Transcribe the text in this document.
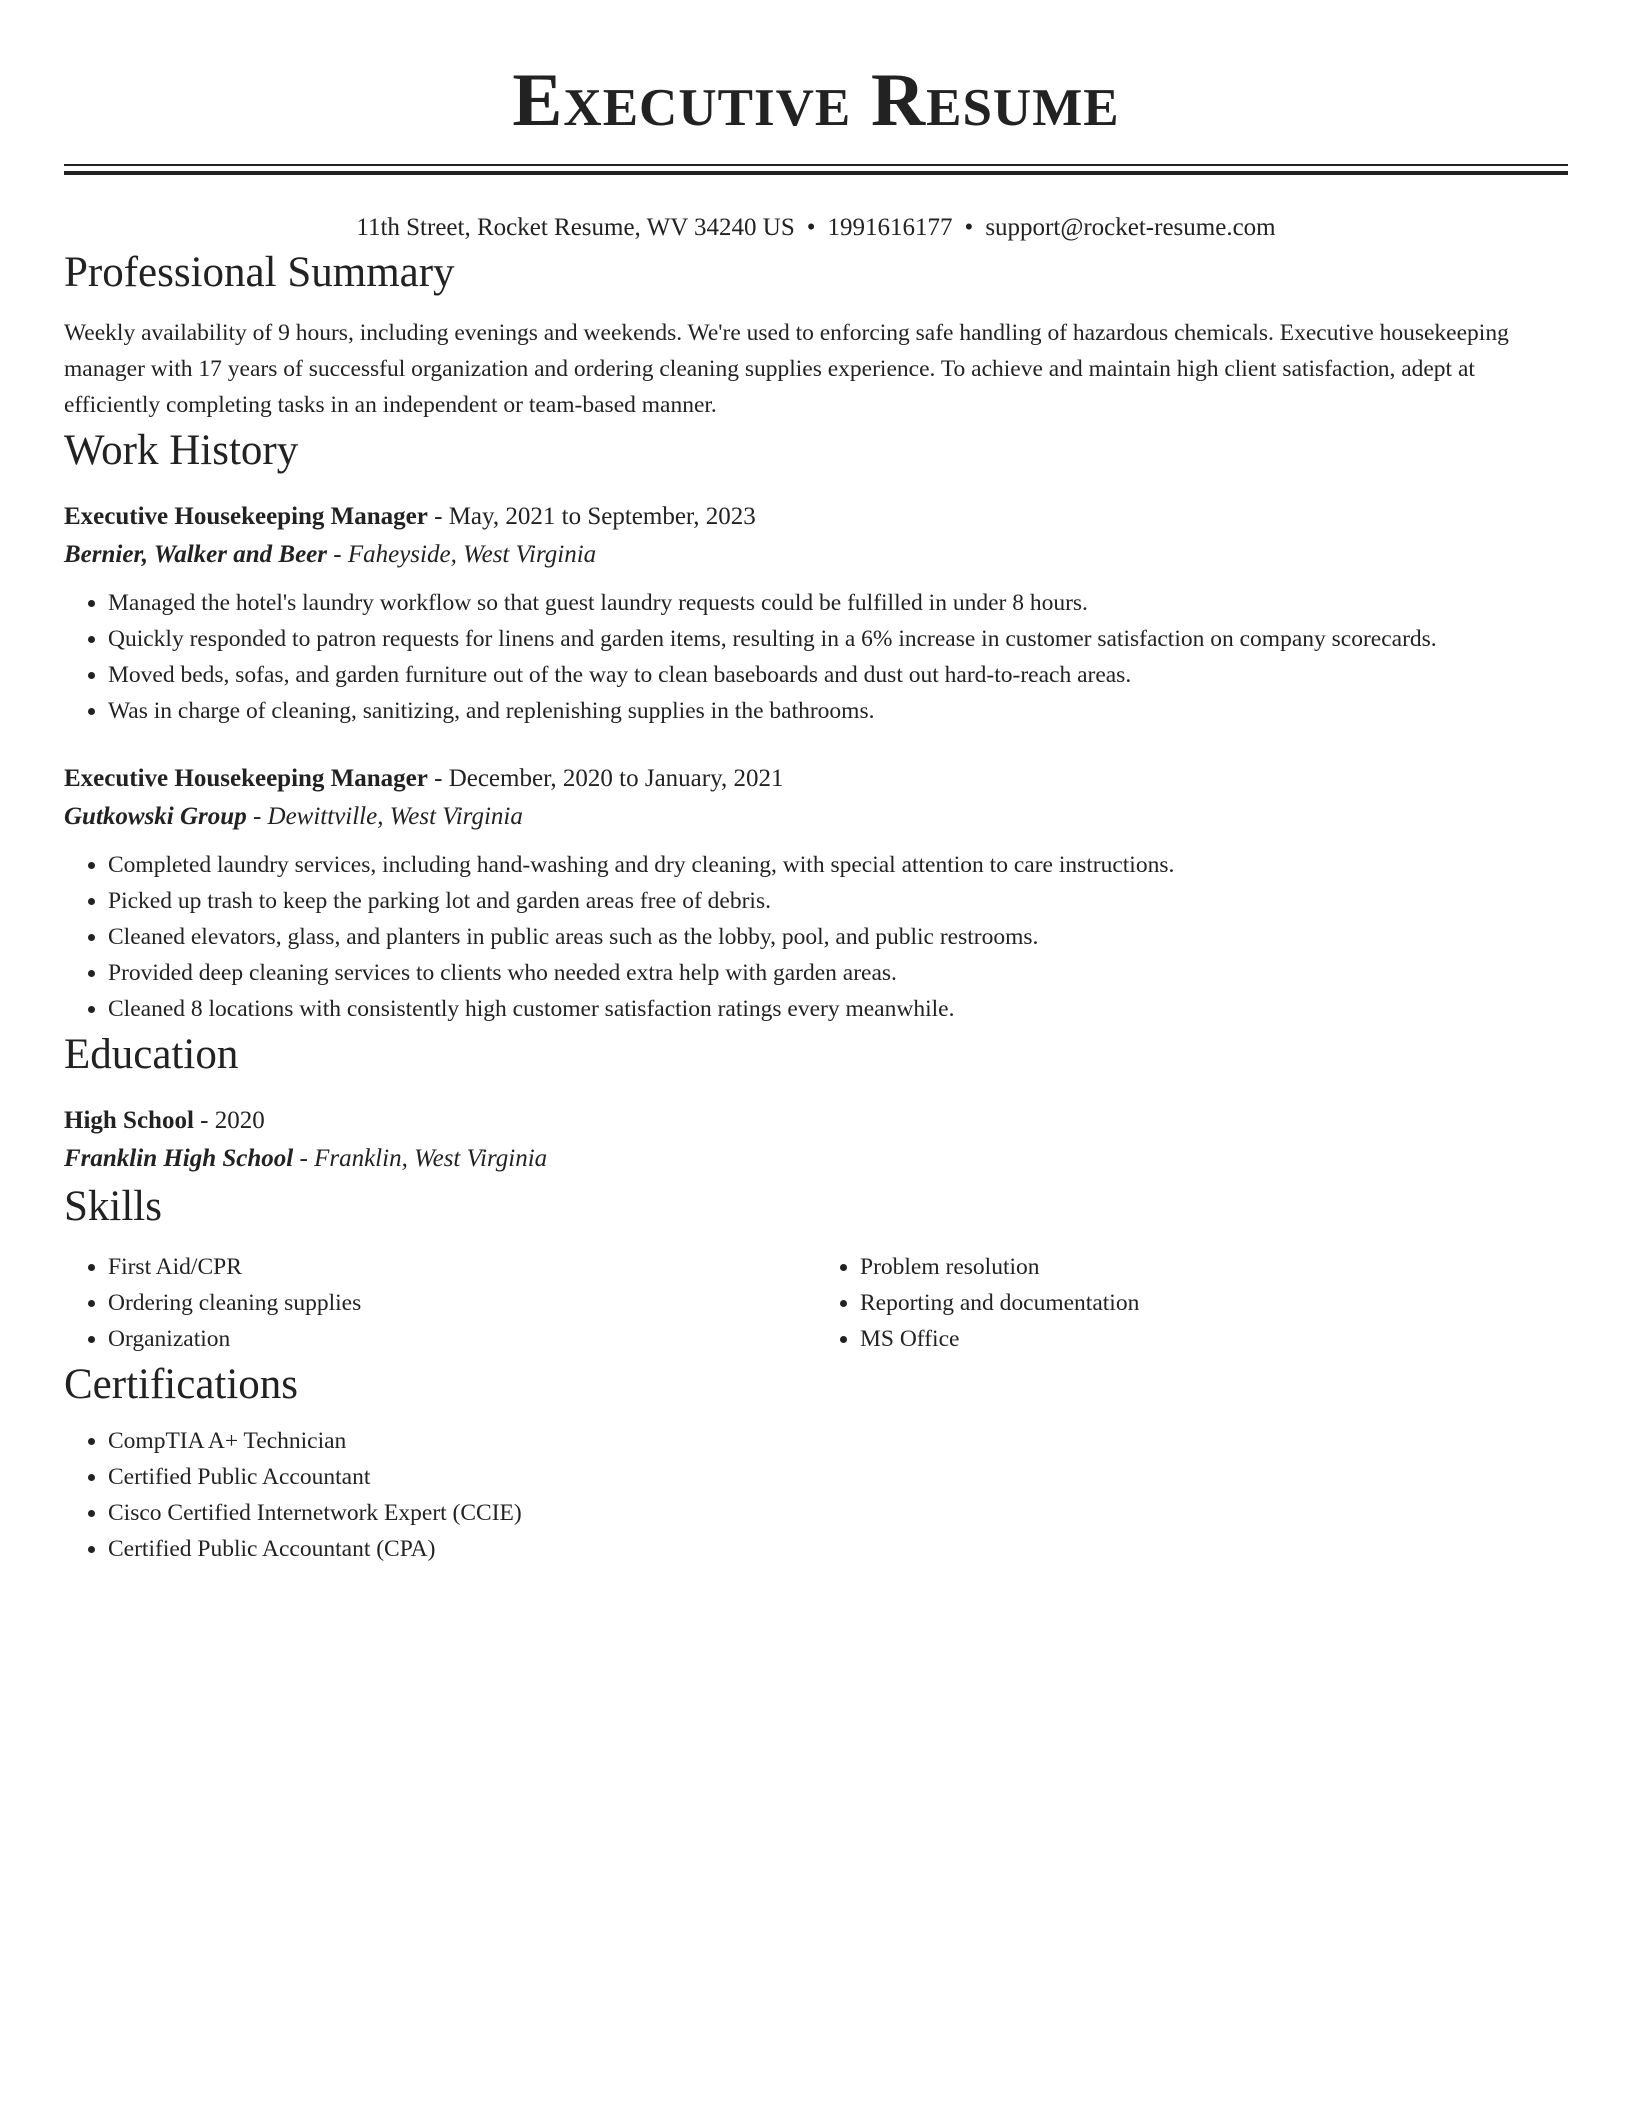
Executive Resume
11th Street, Rocket Resume, WV 34240 US • 1991616177 • support@rocket-resume.com
Professional Summary

Weekly availability of 9 hours, including evenings and weekends. We're used to enforcing safe handling of hazardous chemicals. Executive housekeeping manager with 17 years of successful organization and ordering cleaning supplies experience. To achieve and maintain high client satisfaction, adept at efficiently completing tasks in an independent or team-based manner.

Work History
Executive Housekeeping Manager - May, 2021 to September, 2023
Bernier, Walker and Beer - Faheyside, West Virginia
• Managed the hotel's laundry workflow so that guest laundry requests could be fulfilled in under 8 hours.
• Quickly responded to patron requests for linens and garden items, resulting in a 6% increase in customer satisfaction on company scorecards.
• Moved beds, sofas, and garden furniture out of the way to clean baseboards and dust out hard-to-reach areas.
• Was in charge of cleaning, sanitizing, and replenishing supplies in the bathrooms.
Executive Housekeeping Manager - December, 2020 to January, 2021
Gutkowski Group - Dewittville, West Virginia
• Completed laundry services, including hand-washing and dry cleaning, with special attention to care instructions.
• Picked up trash to keep the parking lot and garden areas free of debris.
• Cleaned elevators, glass, and planters in public areas such as the lobby, pool, and public restrooms.
• Provided deep cleaning services to clients who needed extra help with garden areas.
• Cleaned 8 locations with consistently high customer satisfaction ratings every meanwhile.
Education
High School - 2020
Franklin High School - Franklin, West Virginia
Skills
• First Aid/CPR
• Ordering cleaning supplies
• Organization
• Problem resolution
• Reporting and documentation
• MS Office
Certifications
• CompTIA A+ Technician
• Certified Public Accountant
• Cisco Certified Internetwork Expert (CCIE)
• Certified Public Accountant (CPA)
